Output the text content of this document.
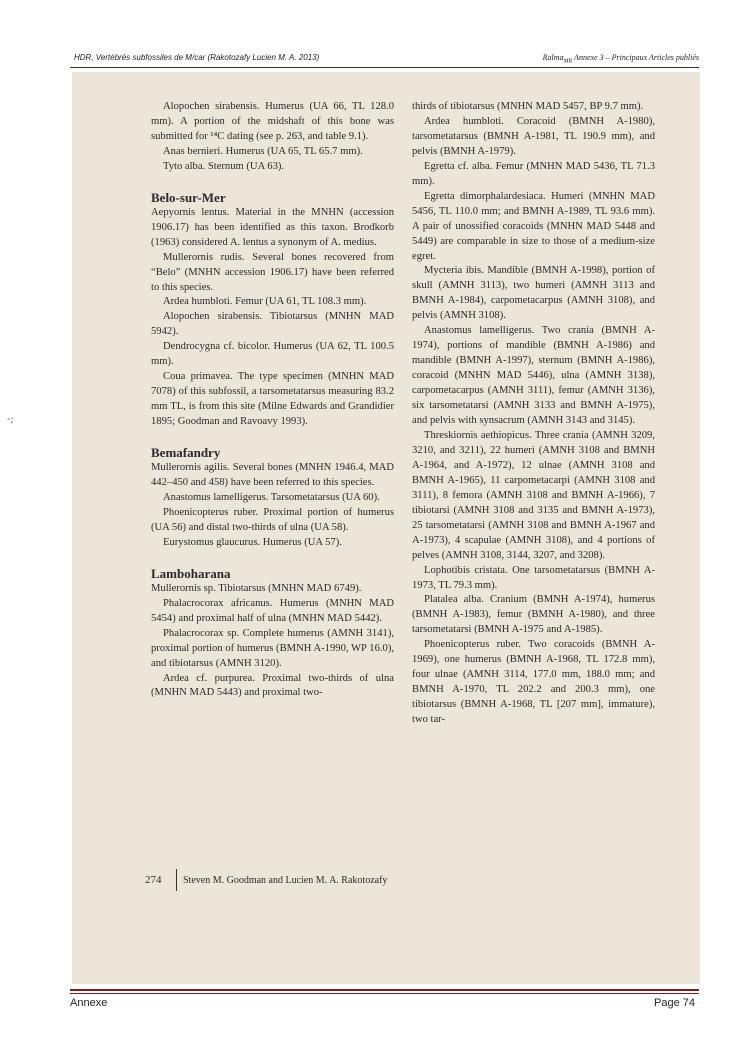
HDR, Vertébrés subfossiles de M/car (Rakotozafy Lucien M. A. 2013)	Ralma$_{MR}$ Annexe 3 – Principaux Articles publiés
-;

Alopochen sirabensis. Humerus (UA 66, TL 128.0 mm). A portion of the midshaft of this bone was submitted for ¹⁴C dating (see p. 263, and table 9.1).

Anas bernieri. Humerus (UA 65, TL 65.7 mm).

Tyto alba. Sternum (UA 63).

Belo-sur-Mer

Aepyornis lentus. Material in the MNHN (accession 1906.17) has been identified as this taxon. Brodkorb (1963) considered A. lentus a synonym of A. medius.

Mullerornis rudis. Several bones recovered from “Belo” (MNHN accession 1906.17) have been referred to this species.

Ardea humbloti. Femur (UA 61, TL 108.3 mm).

Alopochen sirabensis. Tibiotarsus (MNHN MAD 5942).

Dendrocygna cf. bicolor. Humerus (UA 62, TL 100.5 mm).

Coua primavea. The type specimen (MNHN MAD 7078) of this subfossil, a tarsometatarsus measuring 83.2 mm TL, is from this site (Milne Edwards and Grandidier 1895; Goodman and Ravoavy 1993).

Bemafandry

Mullerornis agilis. Several bones (MNHN 1946.4, MAD 442–450 and 458) have been referred to this species.

Anastomus lamelligerus. Tarsometatarsus (UA 60).

Phoenicopterus ruber. Proximal portion of humerus (UA 56) and distal two-thirds of ulna (UA 58).

Eurystomus glaucurus. Humerus (UA 57).

Lamboharana

Mullerornis sp. Tibiotarsus (MNHN MAD 6749).

Phalacrocorax africanus. Humerus (MNHN MAD 5454) and proximal half of ulna (MNHN MAD 5442).

Phalacrocorax sp. Complete humerus (AMNH 3141), proximal portion of humerus (BMNH A-1990, WP 16.0), and tibiotarsus (AMNH 3120).

Ardea cf. purpurea. Proximal two-thirds of ulna (MNHN MAD 5443) and proximal two-

thirds of tibiotarsus (MNHN MAD 5457, BP 9.7 mm).

Ardea humbloti. Coracoid (BMNH A-1980), tarsometatarsus (BMNH A-1981, TL 190.9 mm), and pelvis (BMNH A-1979).

Egretta cf. alba. Femur (MNHN MAD 5436, TL 71.3 mm).

Egretta dimorphalardesiaca. Humeri (MNHN MAD 5456, TL 110.0 mm; and BMNH A-1989, TL 93.6 mm). A pair of unossified coracoids (MNHN MAD 5448 and 5449) are comparable in size to those of a medium-size egret.

Mycteria ibis. Mandible (BMNH A-1998), portion of skull (AMNH 3113), two humeri (AMNH 3113 and BMNH A-1984), carpometacarpus (AMNH 3108), and pelvis (AMNH 3108).

Anastomus lamelligerus. Two crania (BMNH A-1974), portions of mandible (BMNH A-1986) and mandible (BMNH A-1997), sternum (BMNH A-1986), coracoid (MNHN MAD 5446), ulna (AMNH 3138), carpometacarpus (AMNH 3111), femur (AMNH 3136), six tarsometatarsi (AMNH 3133 and BMNH A-1975), and pelvis with synsacrum (AMNH 3143 and 3145).

Threskiornis aethiopicus. Three crania (AMNH 3209, 3210, and 3211), 22 humeri (AMNH 3108 and BMNH A-1964, and A-1972), 12 ulnae (AMNH 3108 and BMNH A-1965), 11 carpometacarpi (AMNH 3108 and 3111), 8 femora (AMNH 3108 and BMNH A-1966), 7 tibiotarsi (AMNH 3108 and 3135 and BMNH A-1973), 25 tarsometatarsi (AMNH 3108 and BMNH A-1967 and A-1973), 4 scapulae (AMNH 3108), and 4 portions of pelves (AMNH 3108, 3144, 3207, and 3208).

Lophotibis cristata. One tarsometatarsus (BMNH A-1973, TL 79.3 mm).

Platalea alba. Cranium (BMNH A-1974), humerus (BMNH A-1983), femur (BMNH A-1980), and three tarsometatarsi (BMNH A-1975 and A-1985).

Phoenicopterus ruber. Two coracoids (BMNH A-1969), one humerus (BMNH A-1968, TL 172.8 mm), four ulnae (AMNH 3114, 177.0 mm, 188.0 mm; and BMNH A-1970, TL 202.2 and 200.3 mm), one tibiotarsus (BMNH A-1968, TL [207 mm], immature), two tar-

274 Steven M. Goodman and Lucien M. A. Rakotozafy
Annexe	Page 74
